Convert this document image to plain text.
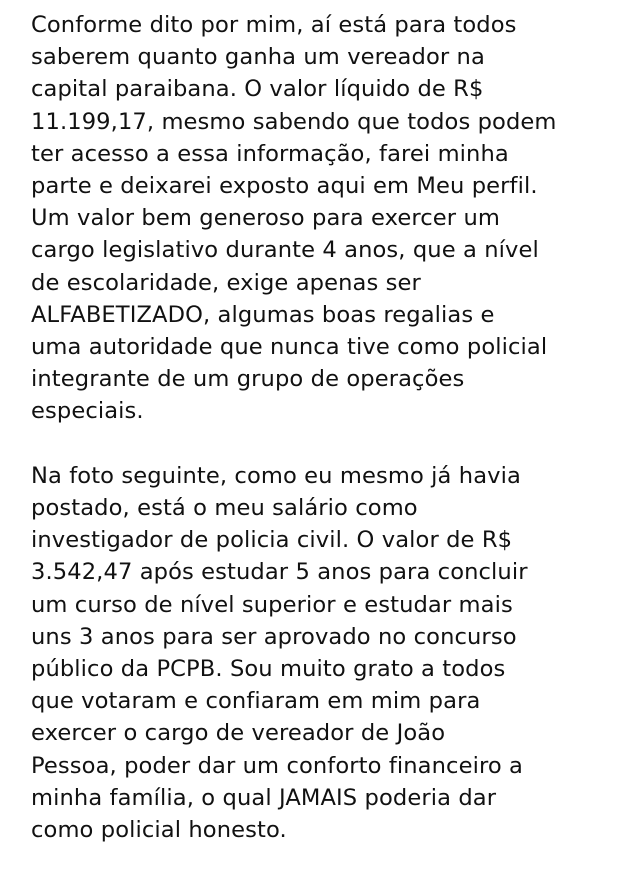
Conforme dito por mim, aí está para todos
saberem quanto ganha um vereador na
capital paraibana. O valor líquido de R$
11.199,17, mesmo sabendo que todos podem
ter acesso a essa informação, farei minha
parte e deixarei exposto aqui em Meu perfil.
Um valor bem generoso para exercer um
cargo legislativo durante 4 anos, que a nível
de escolaridade, exige apenas ser
ALFABETIZADO, algumas boas regalias e
uma autoridade que nunca tive como policial
integrante de um grupo de operações
especiais.

Na foto seguinte, como eu mesmo já havia
postado, está o meu salário como
investigador de policia civil. O valor de R$
3.542,47 após estudar 5 anos para concluir
um curso de nível superior e estudar mais
uns 3 anos para ser aprovado no concurso
público da PCPB. Sou muito grato a todos
que votaram e confiaram em mim para
exercer o cargo de vereador de João
Pessoa, poder dar um conforto financeiro a
minha família, o qual JAMAIS poderia dar
como policial honesto.
